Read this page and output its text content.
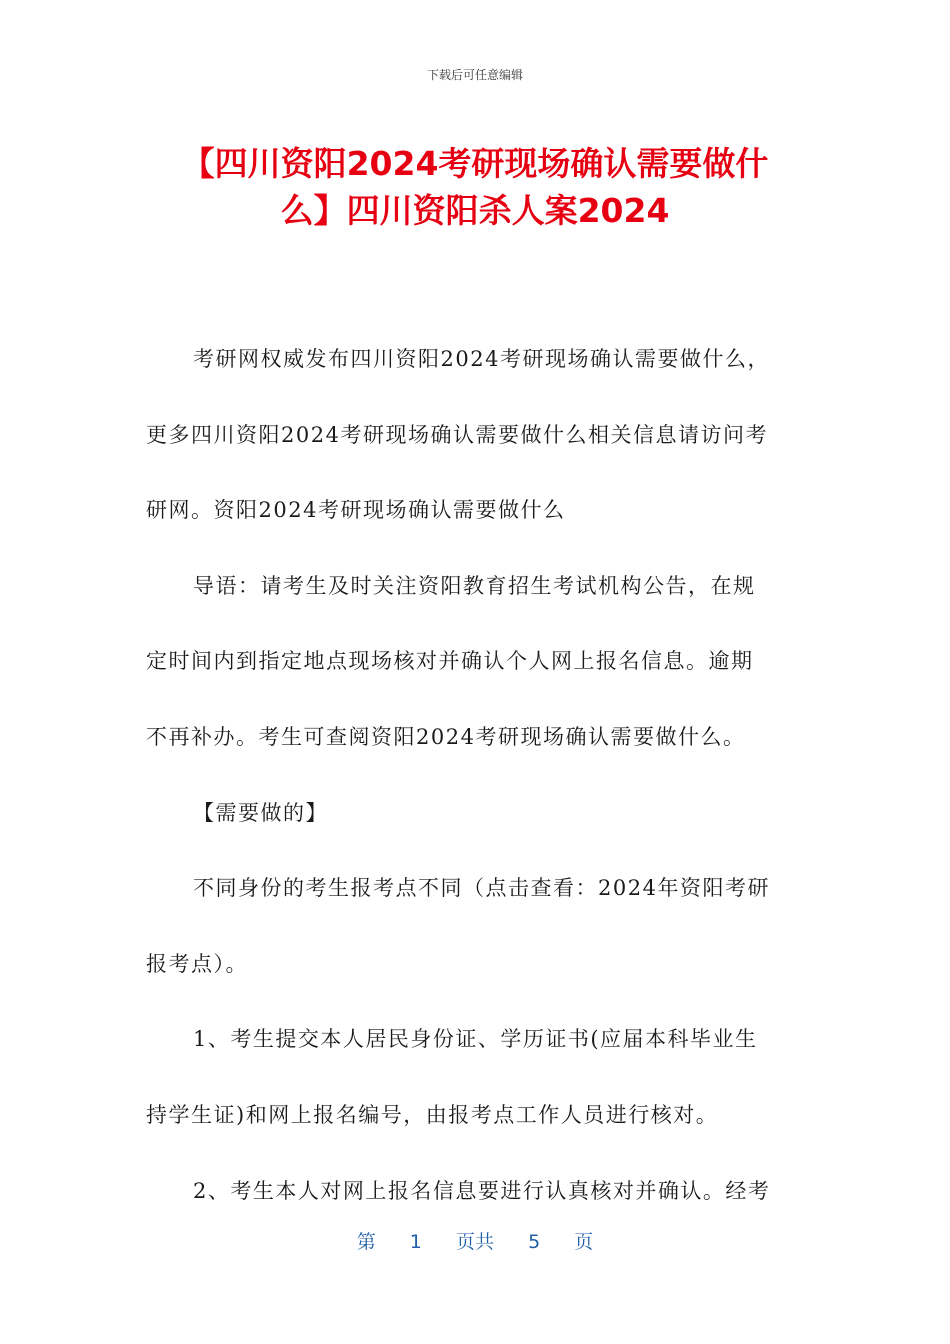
下载后可任意编辑
【四川资阳2024考研现场确认需要做什
么】四川资阳杀人案2024
考研网权威发布四川资阳2024考研现场确认需要做什么，
更多四川资阳2024考研现场确认需要做什么相关信息请访问考
研网。资阳2024考研现场确认需要做什么
导语：请考生及时关注资阳教育招生考试机构公告，在规
定时间内到指定地点现场核对并确认个人网上报名信息。逾期
不再补办。考生可查阅资阳2024考研现场确认需要做什么。
【需要做的】
不同身份的考生报考点不同（点击查看：2024年资阳考研
报考点）。
1、考生提交本人居民身份证、学历证书(应届本科毕业生
持学生证)和网上报名编号，由报考点工作人员进行核对。
2、考生本人对网上报名信息要进行认真核对并确认。经考
第 1 页共 5 页
